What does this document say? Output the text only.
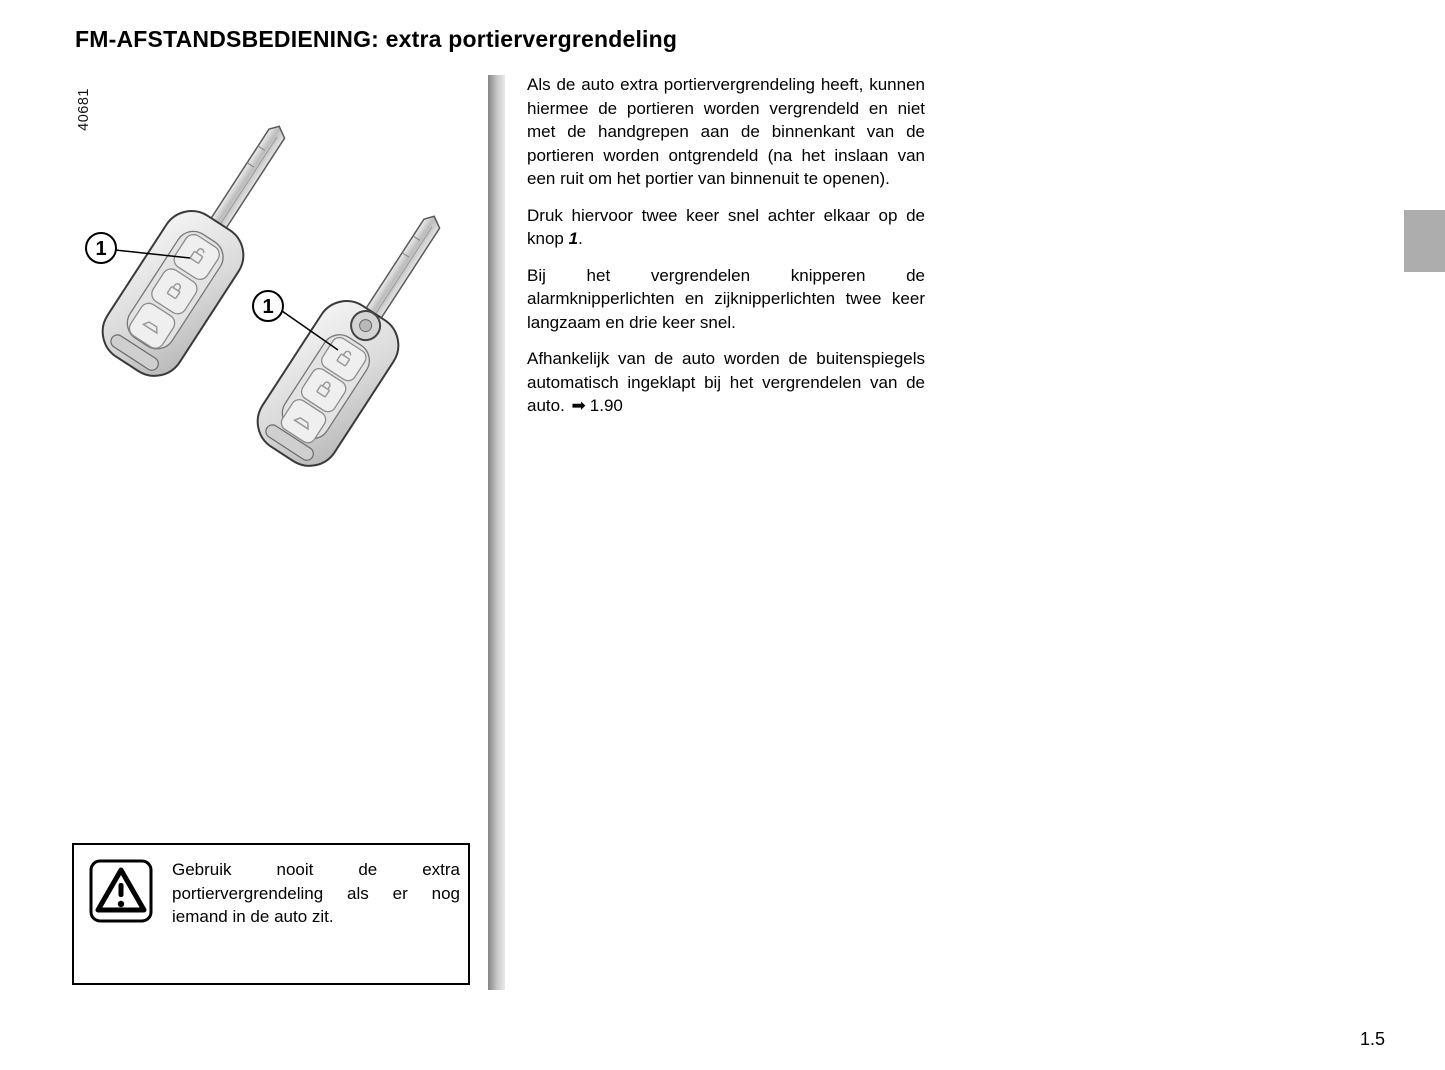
FM-AFSTANDSBEDIENING: extra portiervergrendeling
40681
1
1

Als de auto extra portiervergrendeling heeft, kunnen hiermee de portieren worden vergrendeld en niet met de handgrepen aan de binnenkant van de portieren worden ontgrendeld (na het inslaan van een ruit om het portier van binnenuit te openen).

Druk hiervoor twee keer snel achter elkaar op de knop 1.

Bij het vergrendelen knipperen de alarmknipperlichten en zijknipperlichten twee keer langzaam en drie keer snel.

Afhankelijk van de auto worden de buitenspiegels automatisch ingeklapt bij het vergrendelen van de auto. ➡ 1.90

Gebruik nooit de extra portiervergrendeling als er nog iemand in de auto zit.

1.5
